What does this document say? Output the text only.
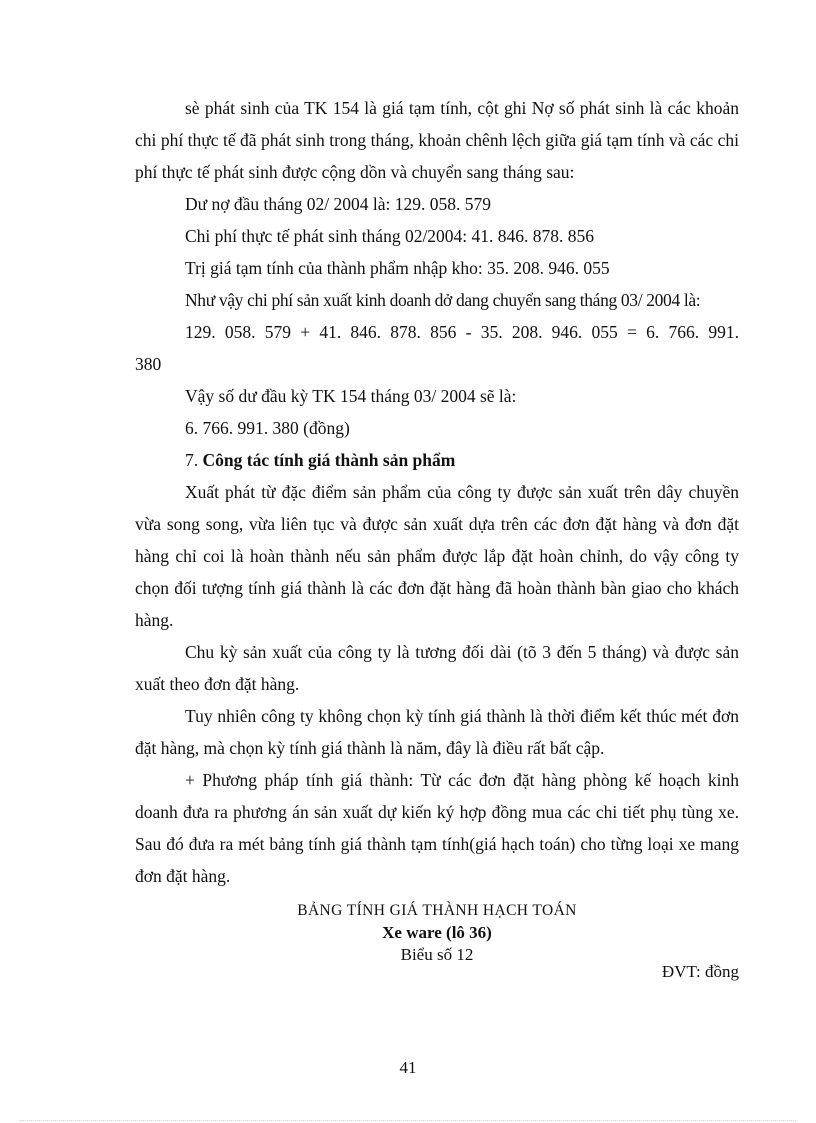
sè phát sinh của TK 154 là giá tạm tính, cột ghi Nợ số phát sinh là các khoản chi phí thực tế đã phát sinh trong tháng, khoản chênh lệch giữa giá tạm tính và các chi phí thực tế phát sinh được cộng dồn và chuyển sang tháng sau:

Dư nợ đầu tháng 02/ 2004 là: 129. 058. 579

Chi phí thực tế phát sinh tháng 02/2004: 41. 846. 878. 856

Trị giá tạm tính của thành phẩm nhập kho: 35. 208. 946. 055

Như vậy chi phí sản xuất kinh doanh dở dang chuyển sang tháng 03/ 2004 là:

129. 058. 579 + 41. 846. 878. 856 - 35. 208. 946. 055 = 6. 766. 991. 380

Vậy số dư đầu kỳ TK 154 tháng 03/ 2004 sẽ là:

6. 766. 991. 380 (đồng)

7. Công tác tính giá thành sản phẩm

Xuất phát từ đặc điểm sản phẩm của công ty được sản xuất trên dây chuyền vừa song song, vừa liên tục và được sản xuất dựa trên các đơn đặt hàng và đơn đặt hàng chỉ coi là hoàn thành nếu sản phẩm được lắp đặt hoàn chỉnh, do vậy công ty chọn đối tượng tính giá thành là các đơn đặt hàng đã hoàn thành bàn giao cho khách hàng.

Chu kỳ sản xuất của công ty là tương đối dài (tõ 3 đến 5 tháng) và được sản xuất theo đơn đặt hàng.

Tuy nhiên công ty không chọn kỳ tính giá thành là thời điểm kết thúc mét đơn đặt hàng, mà chọn kỳ tính giá thành là năm, đây là điều rất bất cập.

+ Phương pháp tính giá thành: Từ các đơn đặt hàng phòng kế hoạch kinh doanh đưa ra phương án sản xuất dự kiến ký hợp đồng mua các chi tiết phụ tùng xe. Sau đó đưa ra mét bảng tính giá thành tạm tính(giá hạch toán) cho từng loại xe mang đơn đặt hàng.

BẢNG TÍNH GIÁ THÀNH HẠCH TOÁN

Xe ware (lô 36)

Biểu số 12

ĐVT: đồng
41
